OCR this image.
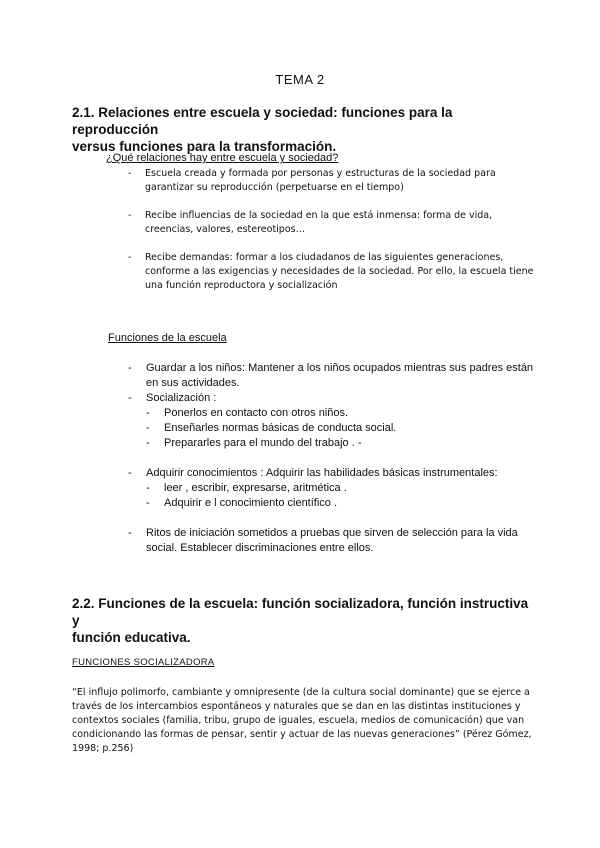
TEMA 2
2.1. Relaciones entre escuela y sociedad: funciones para la reproducción
versus funciones para la transformación.
¿Qué relaciones hay entre escuela y sociedad?
- Escuela creada y formada por personas y estructuras de la sociedad para garantizar su reproducción (perpetuarse en el tiempo)
- Recibe influencias de la sociedad en la que está inmensa: forma de vida, creencias, valores, estereotipos…
- Recibe demandas: formar a los ciudadanos de las siguientes generaciones, conforme a las exigencias y necesidades de la sociedad. Por ello, la escuela tiene una función reproductora y socialización
Funciones de la escuela
- Guardar a los niños: Mantener a los niños ocupados mientras sus padres están en sus actividades.
- Socialización :
- Ponerlos en contacto con otros niños.
- Enseñarles normas básicas de conducta social.
- Prepararles para el mundo del trabajo . -
- Adquirir conocimientos : Adquirir las habilidades básicas instrumentales:
- leer , escribir, expresarse, aritmética .
- Adquirir e l conocimiento científico .
- Ritos de iniciación sometidos a pruebas que sirven de selección para la vida social. Establecer discriminaciones entre ellos.
2.2. Funciones de la escuela: función socializadora, función instructiva y
función educativa.
FUNCIONES SOCIALIZADORA
“El influjo polimorfo, cambiante y omnipresente (de la cultura social dominante) que se ejerce a través de los intercambios espontáneos y naturales que se dan en las distintas instituciones y contextos sociales (familia, tribu, grupo de iguales, escuela, medios de comunicación) que van condicionando las formas de pensar, sentir y actuar de las nuevas generaciones” (Pérez Gómez, 1998; p.256)
